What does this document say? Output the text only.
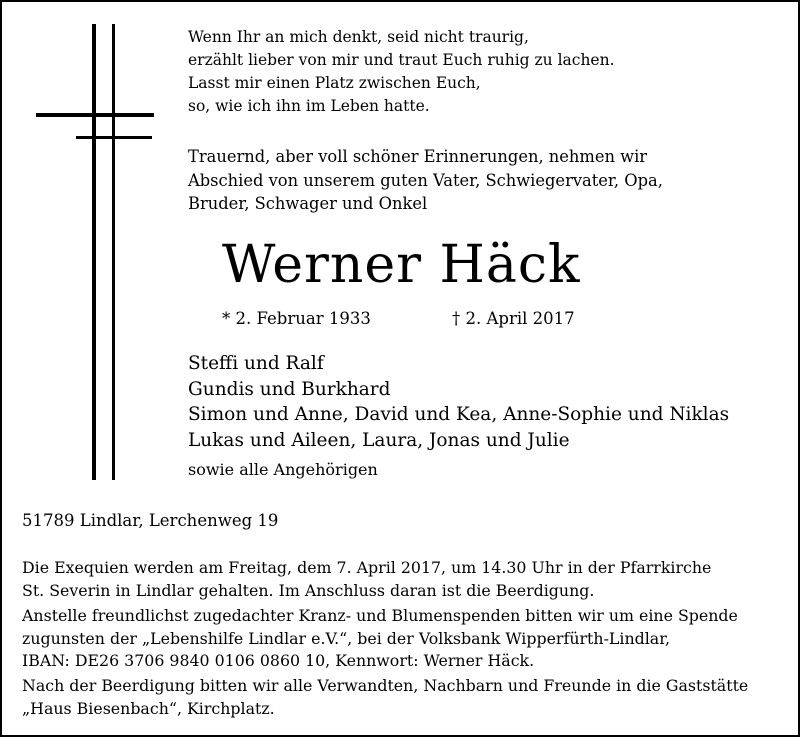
Wenn Ihr an mich denkt, seid nicht traurig,
erzählt lieber von mir und traut Euch ruhig zu lachen.
Lasst mir einen Platz zwischen Euch,
so, wie ich ihn im Leben hatte.
Trauernd, aber voll schöner Erinnerungen, nehmen wir
Abschied von unserem guten Vater, Schwiegervater, Opa,
Bruder, Schwager und Onkel
Werner Häck
* 2. Februar 1933	† 2. April 2017
Steffi und Ralf
Gundis und Burkhard
Simon und Anne, David und Kea, Anne-Sophie und Niklas
Lukas und Aileen, Laura, Jonas und Julie
sowie alle Angehörigen
51789 Lindlar, Lerchenweg 19
Die Exequien werden am Freitag, dem 7. April 2017, um 14.30 Uhr in der Pfarrkirche
St. Severin in Lindlar gehalten. Im Anschluss daran ist die Beerdigung.
Anstelle freundlichst zugedachter Kranz- und Blumenspenden bitten wir um eine Spende
zugunsten der „Lebenshilfe Lindlar e.V.“, bei der Volksbank Wipperfürth-Lindlar,
IBAN: DE26 3706 9840 0106 0860 10, Kennwort: Werner Häck.
Nach der Beerdigung bitten wir alle Verwandten, Nachbarn und Freunde in die Gaststätte
„Haus Biesenbach“, Kirchplatz.
